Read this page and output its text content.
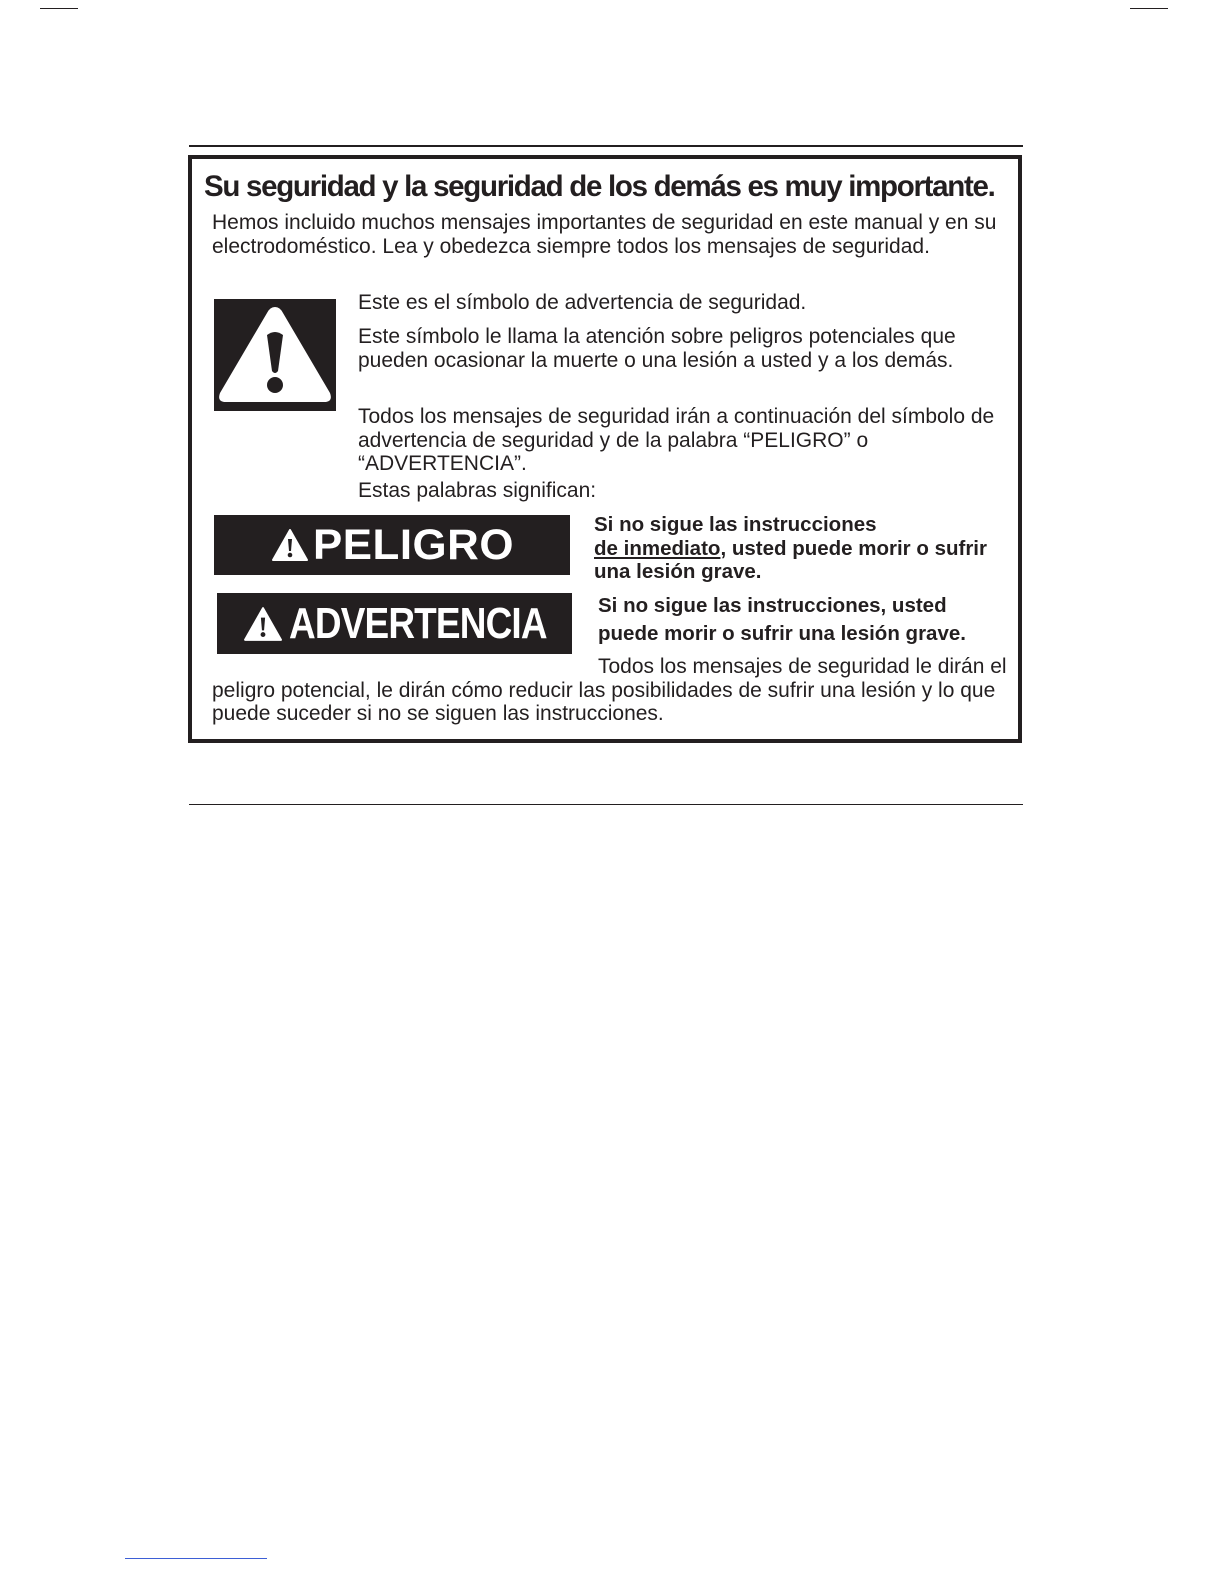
Su seguridad y la seguridad de los demás es muy importante.
Hemos incluido muchos mensajes importantes de seguridad en este manual y en su electrodoméstico. Lea y obedezca siempre todos los mensajes de seguridad.
Este es el símbolo de advertencia de seguridad.
Este símbolo le llama la atención sobre peligros potenciales que pueden ocasionar la muerte o una lesión a usted y a los demás.
Todos los mensajes de seguridad irán a continuación del símbolo de advertencia de seguridad y de la palabra “PELIGRO” o “ADVERTENCIA”.
Estas palabras significan:
PELIGRO	Si no sigue las instrucciones
de inmediato, usted puede morir o sufrir una lesión grave.
ADVERTENCIA Si no sigue las instrucciones, usted puede morir o sufrir una lesión grave.
Todos los mensajes de seguridad le dirán el peligro potencial, le dirán cómo reducir las posibilidades de sufrir una lesión y lo que puede suceder si no se siguen las instrucciones.
